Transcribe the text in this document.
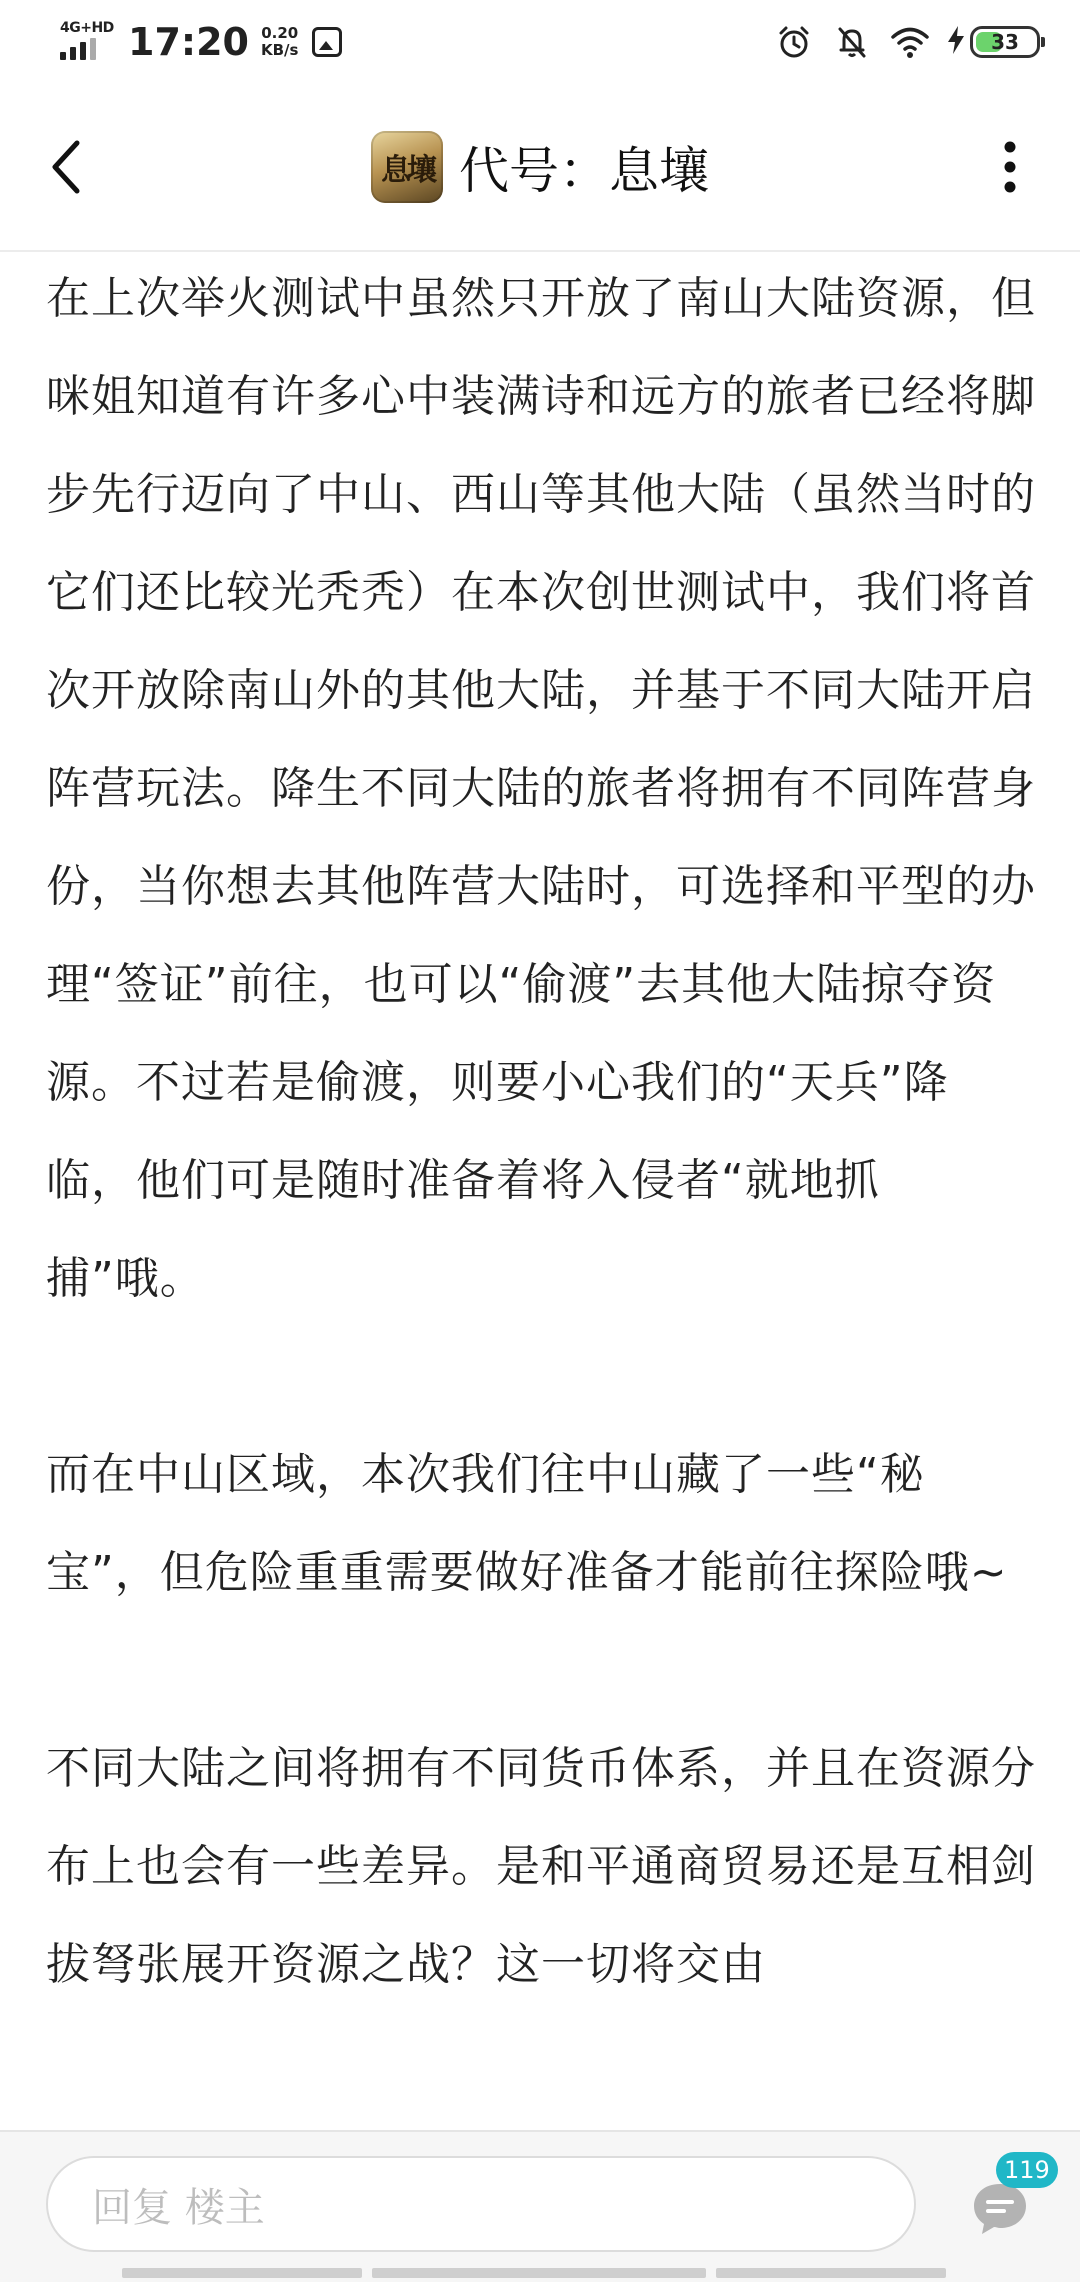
4G+HD 17:20 0.20
KB/s	33
息壤 代号：息壤

在上次举火测试中虽然只开放了南山大陆资源，但咪姐知道有许多心中装满诗和远方的旅者已经将脚步先行迈向了中山、西山等其他大陆（虽然当时的它们还比较光秃秃）在本次创世测试中，我们将首次开放除南山外的其他大陆，并基于不同大陆开启阵营玩法。降生不同大陆的旅者将拥有不同阵营身份，当你想去其他阵营大陆时，可选择和平型的办理“签证”前往，也可以“偷渡”去其他大陆掠夺资源。不过若是偷渡，则要小心我们的“天兵”降临，他们可是随时准备着将入侵者“就地抓捕”哦。

而在中山区域，本次我们往中山藏了一些“秘宝”，但危险重重需要做好准备才能前往探险哦~

不同大陆之间将拥有不同货币体系，并且在资源分布上也会有一些差异。是和平通商贸易还是互相剑拔弩张展开资源之战？这一切将交由

回复 楼主
119
